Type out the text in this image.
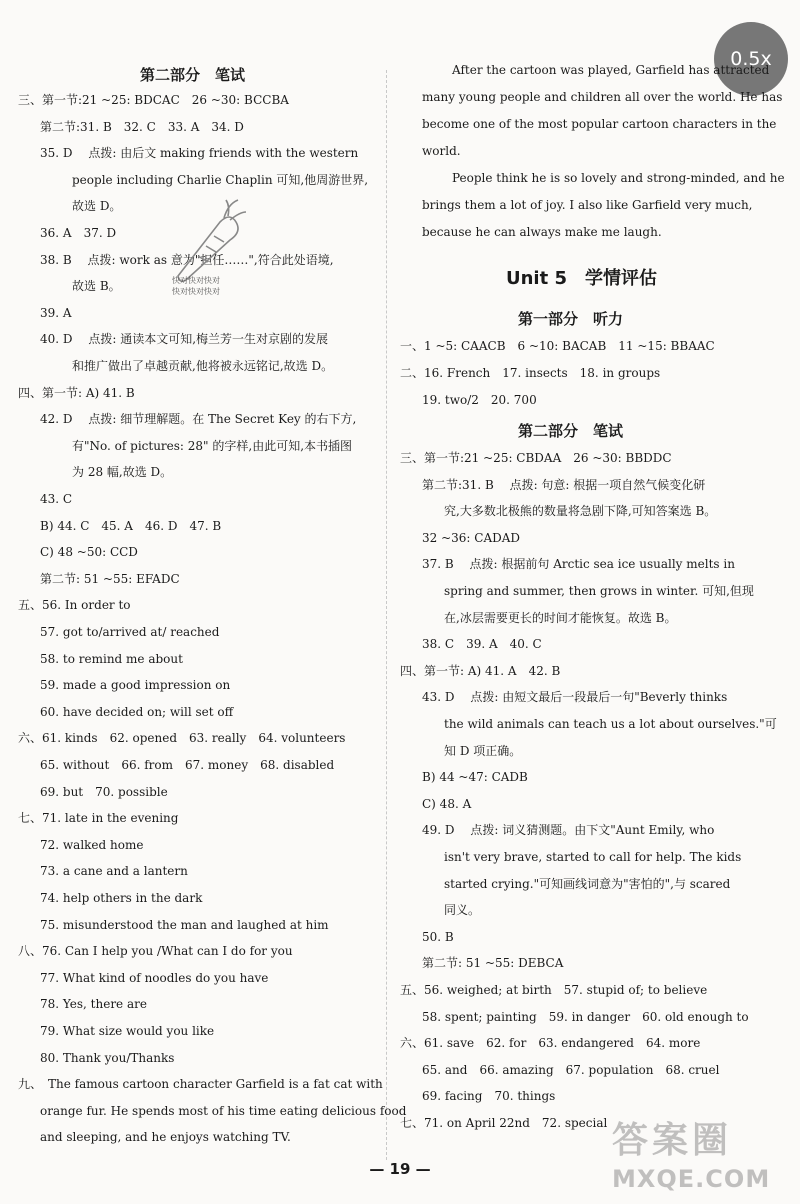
0.5x
第二部分　笔试
三、第一节:21 ~25: BDCAC　26 ~30: BCCBA
第二节:31. B　32. C　33. A　34. D
35. D　 点拨: 由后文 making friends with the western
people including Charlie Chaplin 可知,他周游世界,
故选 D。
36. A　37. D
38. B　 点拨: work as 意为"担任……",符合此处语境,
故选 B。
39. A
40. D　 点拨: 通读本文可知,梅兰芳一生对京剧的发展
和推广做出了卓越贡献,他将被永远铭记,故选 D。
四、第一节: A) 41. B
42. D　 点拨: 细节理解题。在 The Secret Key 的右下方,
有"No. of pictures: 28" 的字样,由此可知,本书插图
为 28 幅,故选 D。
43. C
B) 44. C　45. A　46. D　47. B
C) 48 ~50: CCD
第二节: 51 ~55: EFADC
五、56. In order to
57. got to/arrived at/ reached
58. to remind me about
59. made a good impression on
60. have decided on; will set off
六、61. kinds　62. opened　63. really　64. volunteers
65. without　66. from　67. money　68. disabled
69. but　70. possible
七、71. late in the evening
72. walked home
73. a cane and a lantern
74. help others in the dark
75. misunderstood the man and laughed at him
八、76. Can I help you /What can I do for you
77. What kind of noodles do you have
78. Yes, there are
79. What size would you like
80. Thank you/Thanks
九、　The famous cartoon character Garfield is a fat cat with
orange fur. He spends most of his time eating delicious food
and sleeping, and he enjoys watching TV.
快对快对快对
快对快对快对
After the cartoon was played, Garfield has attracted
many young people and children all over the world. He has
become one of the most popular cartoon characters in the
world.
People think he is so lovely and strong-minded, and he
brings them a lot of joy. I also like Garfield very much,
because he can always make me laugh.
Unit 5　学情评估
第一部分　听力
一、1 ~5: CAACB　6 ~10: BACAB　11 ~15: BBAAC
二、16. French　17. insects　18. in groups
19. two/2　20. 700
第二部分　笔试
三、第一节:21 ~25: CBDAA　26 ~30: BBDDC
第二节:31. B　 点拨: 句意: 根据一项自然气候变化研
究,大多数北极熊的数量将急剧下降,可知答案选 B。
32 ~36: CADAD
37. B　 点拨: 根据前句 Arctic sea ice usually melts in
spring and summer, then grows in winter. 可知,但现
在,冰层需要更长的时间才能恢复。故选 B。
38. C　39. A　40. C
四、第一节: A) 41. A　42. B
43. D　 点拨: 由短文最后一段最后一句"Beverly thinks
the wild animals can teach us a lot about ourselves."可
知 D 项正确。
B) 44 ~47: CADB
C) 48. A
49. D　 点拨: 词义猜测题。由下文"Aunt Emily, who
isn't very brave, started to call for help. The kids
started crying."可知画线词意为"害怕的",与 scared
同义。
50. B
第二节: 51 ~55: DEBCA
五、56. weighed; at birth　57. stupid of; to believe
58. spent; painting　59. in danger　60. old enough to
六、61. save　62. for　63. endangered　64. more
65. and　66. amazing　67. population　68. cruel
69. facing　70. things
七、71. on April 22nd　72. special
— 19 —
答案圈
MXQE.COM
